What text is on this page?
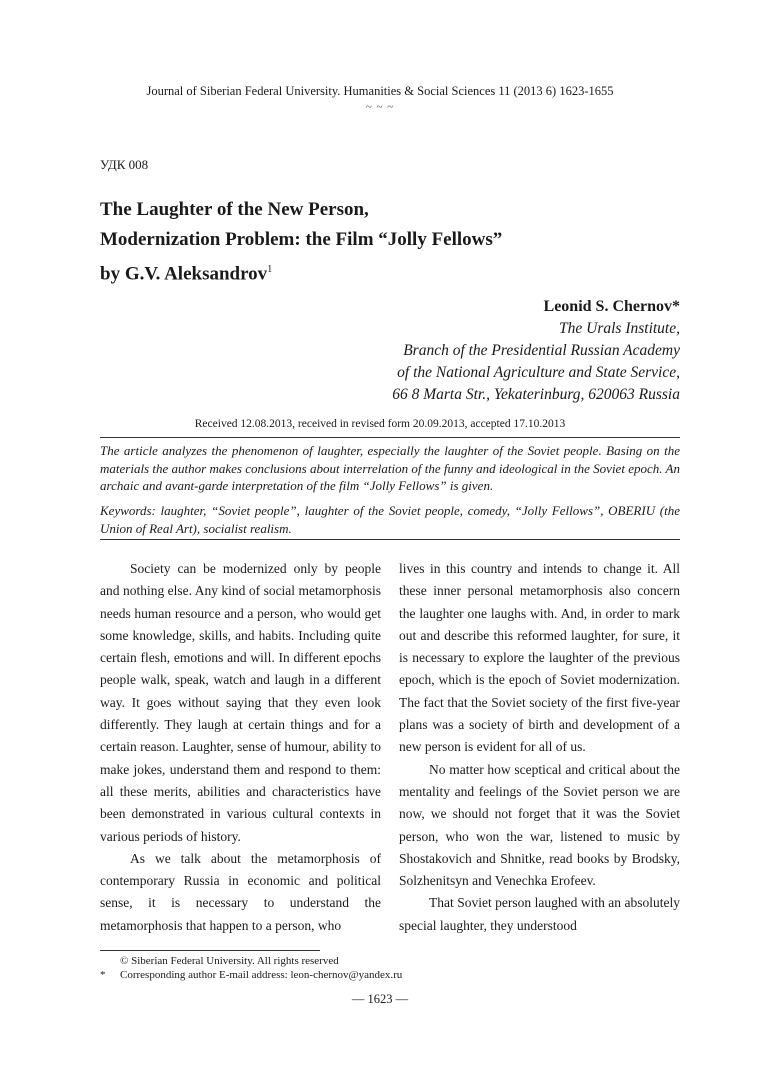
Journal of Siberian Federal University. Humanities & Social Sciences 11 (2013 6) 1623-1655
~ ~ ~
УДК 008
The Laughter of the New Person,
Modernization Problem: the Film “Jolly Fellows”
by G.V. Aleksandrov$^1$
Leonid S. Chernov*
The Urals Institute,
Branch of the Presidential Russian Academy
of the National Agriculture and State Service,
66 8 Marta Str., Yekaterinburg, 620063 Russia
Received 12.08.2013, received in revised form 20.09.2013, accepted 17.10.2013
The article analyzes the phenomenon of laughter, especially the laughter of the Soviet people. Basing on the materials the author makes conclusions about interrelation of the funny and ideological in the Soviet epoch. An archaic and avant-garde interpretation of the film “Jolly Fellows” is given.
Keywords: laughter, “Soviet people”, laughter of the Soviet people, comedy, “Jolly Fellows”, OBERIU (the Union of Real Art), socialist realism.

Society can be modernized only by people and nothing else. Any kind of social metamorphosis needs human resource and a person, who would get some knowledge, skills, and habits. Including quite certain flesh, emotions and will. In different epochs people walk, speak, watch and laugh in a different way. It goes without saying that they even look differently. They laugh at certain things and for a certain reason. Laughter, sense of humour, ability to make jokes, understand them and respond to them: all these merits, abilities and characteristics have been demonstrated in various cultural contexts in various periods of history.

As we talk about the metamorphosis of contemporary Russia in economic and political sense, it is necessary to understand the metamorphosis that happen to a person, who

lives in this country and intends to change it. All these inner personal metamorphosis also concern the laughter one laughs with. And, in order to mark out and describe this reformed laughter, for sure, it is necessary to explore the laughter of the previous epoch, which is the epoch of Soviet modernization. The fact that the Soviet society of the first five-year plans was a society of birth and development of a new person is evident for all of us.

No matter how sceptical and critical about the mentality and feelings of the Soviet person we are now, we should not forget that it was the Soviet person, who won the war, listened to music by Shostakovich and Shnitke, read books by Brodsky, Solzhenitsyn and Venechka Erofeev.

That Soviet person laughed with an absolutely special laughter, they understood

© Siberian Federal University. All rights reserved
* Corresponding author E-mail address: leon-chernov@yandex.ru
— 1623 —
